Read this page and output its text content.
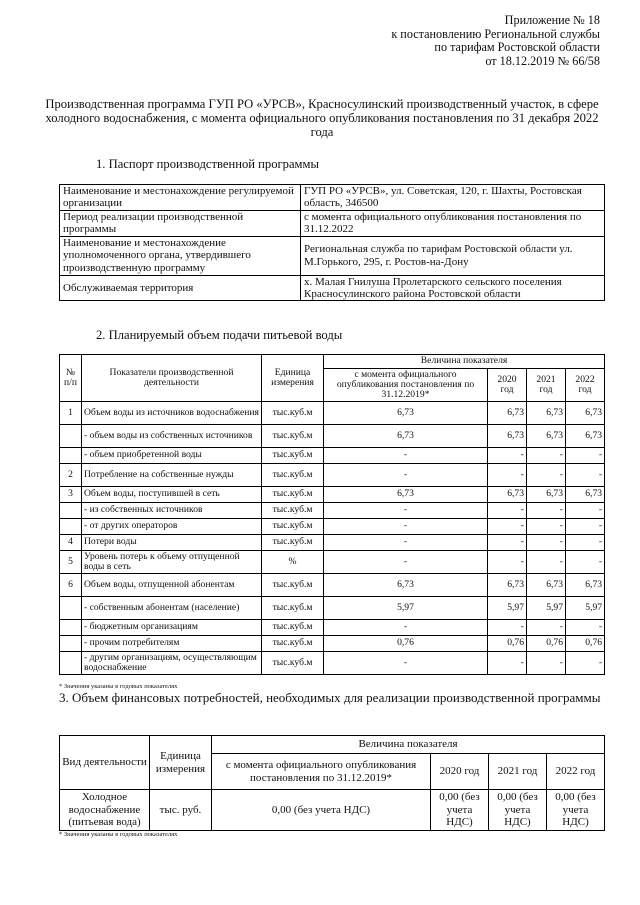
Приложение № 18
к постановлению Региональной службы
по тарифам Ростовской области
от 18.12.2019 № 66/58
Производственная программа ГУП РО «УРСВ», Красносулинский производственный участок, в сфере холодного водоснабжения, с момента официального опубликования постановления по 31 декабря 2022 года
1. Паспорт производственной программы
Наименование и местонахождение регулируемой организации	ГУП РО «УРСВ», ул. Советская, 120, г. Шахты, Ростовская область, 346500
Период реализации производственной программы	с момента официального опубликования постановления по 31.12.2022
Наименование и местонахождение уполномоченного органа, утвердившего производственную программу	Региональная служба по тарифам Ростовской области ул. М.Горького, 295, г. Ростов-на-Дону
Обслуживаемая территория	х. Малая Гнилуша Пролетарского сельского поселения Красносулинского района Ростовской области
2. Планируемый объем подачи питьевой воды
№ п/п	Показатели производственной деятельности	Единица измерения	Величина показателя			
			с момента официального опубликования постановления по 31.12.2019*	2020 год	2021 год	2022 год
1	Объем воды из источников водоснабжения	тыс.куб.м	6,73	6,73	6,73	6,73
	- объем воды из собственных источников	тыс.куб.м	6,73	6,73	6,73	6,73
	- объем приобретенной воды	тыс.куб.м	-	-	-	-
2	Потребление на собственные нужды	тыс.куб.м	-	-	-	-
3	Объем воды, поступившей в сеть	тыс.куб.м	6,73	6,73	6,73	6,73
	- из собственных источников	тыс.куб.м	-	-	-	-
	- от других операторов	тыс.куб.м	-	-	-	-
4	Потери воды	тыс.куб.м	-	-	-	-
5	Уровень потерь к объему отпущенной воды в сеть	%	-	-	-	-
6	Объем воды, отпущенной абонентам	тыс.куб.м	6,73	6,73	6,73	6,73
	- собственным абонентам (население)	тыс.куб.м	5,97	5,97	5,97	5,97
	- бюджетным организациям	тыс.куб.м	-	-	-	-
	- прочим потребителям	тыс.куб.м	0,76	0,76	0,76	0,76
	- другим организациям, осуществляющим водоснабжение	тыс.куб.м	-	-	-	-
* Значения указаны в годовых показателях
3. Объем финансовых потребностей, необходимых для реализации производственной программы
Вид деятельности	Единица измерения	Величина показателя			
		с момента официального опубликования постановления по 31.12.2019*	2020 год	2021 год	2022 год
Холодное водоснабжение (питьевая вода)	тыс. руб.	0,00 (без учета НДС)	0,00 (без учета НДС)	0,00 (без учета НДС)	0,00 (без учета НДС)
* Значения указаны в годовых показателях
